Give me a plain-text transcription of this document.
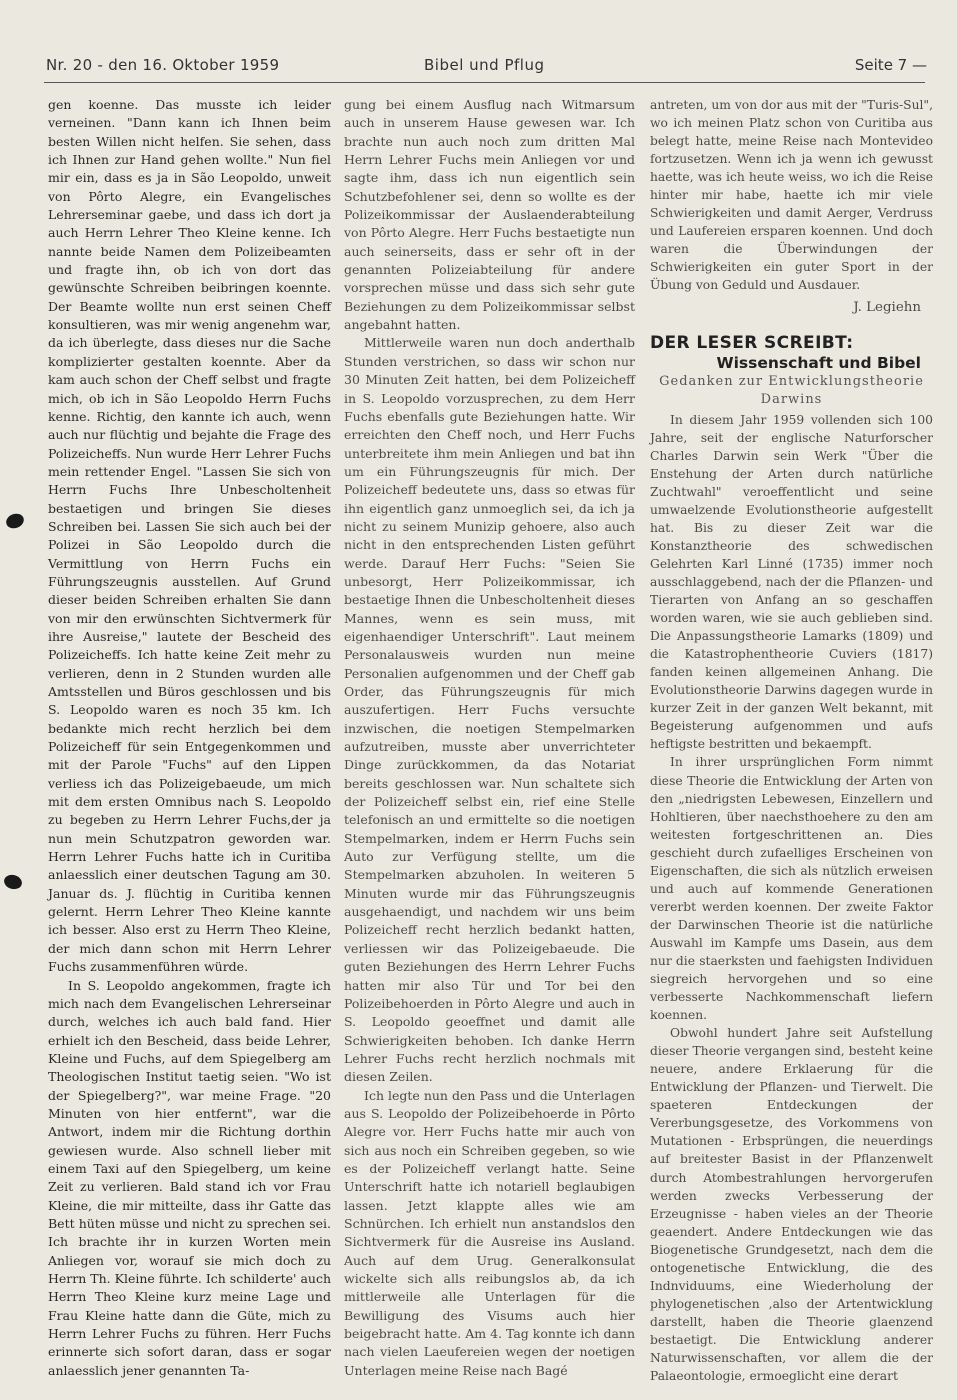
Nr. 20 - den 16. Oktober 1959	Bibel und Pflug	Seite 7 —

gen koenne. Das musste ich leider verneinen. "Dann kann ich Ihnen beim besten Willen nicht helfen. Sie sehen, dass ich Ihnen zur Hand gehen wollte." Nun fiel mir ein, dass es ja in São Leopoldo, unweit von Pôrto Alegre, ein Evangelisches Lehrerseminar gaebe, und dass ich dort ja auch Herrn Lehrer Theo Kleine kenne. Ich nannte beide Namen dem Polizeibeamten und fragte ihn, ob ich von dort das gewünschte Schreiben beibringen koennte. Der Beamte wollte nun erst seinen Cheff konsultieren, was mir wenig angenehm war, da ich überlegte, dass dieses nur die Sache komplizierter gestalten koennte. Aber da kam auch schon der Cheff selbst und fragte mich, ob ich in São Leopoldo Herrn Fuchs kenne. Richtig, den kannte ich auch, wenn auch nur flüchtig und bejahte die Frage des Polizeicheffs. Nun wurde Herr Lehrer Fuchs mein rettender Engel. "Lassen Sie sich von Herrn Fuchs Ihre Unbescholtenheit bestaetigen und bringen Sie dieses Schreiben bei. Lassen Sie sich auch bei der Polizei in São Leopoldo durch die Vermittlung von Herrn Fuchs ein Führungszeugnis ausstellen. Auf Grund dieser beiden Schreiben erhalten Sie dann von mir den erwünschten Sichtvermerk für ihre Ausreise," lautete der Bescheid des Polizeicheffs. Ich hatte keine Zeit mehr zu verlieren, denn in 2 Stunden wurden alle Amtsstellen und Büros geschlossen und bis S. Leopoldo waren es noch 35 km. Ich bedankte mich recht herzlich bei dem Polizeicheff für sein Entgegenkommen und mit der Parole "Fuchs" auf den Lippen verliess ich das Polizeigebaeude, um mich mit dem ersten Omnibus nach S. Leopoldo zu begeben zu Herrn Lehrer Fuchs,der ja nun mein Schutzpatron geworden war. Herrn Lehrer Fuchs hatte ich in Curitiba anlaesslich einer deutschen Tagung am 30. Januar ds. J. flüchtig in Curitiba kennen gelernt. Herrn Lehrer Theo Kleine kannte ich besser. Also erst zu Herrn Theo Kleine, der mich dann schon mit Herrn Lehrer Fuchs zusammenführen würde.

In S. Leopoldo angekommen, fragte ich mich nach dem Evangelischen Lehrerseinar durch, welches ich auch bald fand. Hier erhielt ich den Bescheid, dass beide Lehrer, Kleine und Fuchs, auf dem Spiegelberg am Theologischen Institut taetig seien. "Wo ist der Spiegelberg?", war meine Frage. "20 Minuten von hier entfernt", war die Antwort, indem mir die Richtung dorthin gewiesen wurde. Also schnell lieber mit einem Taxi auf den Spiegelberg, um keine Zeit zu verlieren. Bald stand ich vor Frau Kleine, die mir mitteilte, dass ihr Gatte das Bett hüten müsse und nicht zu sprechen sei. Ich brachte ihr in kurzen Worten mein Anliegen vor, worauf sie mich doch zu Herrn Th. Kleine führte. Ich schilderte' auch Herrn Theo Kleine kurz meine Lage und Frau Kleine hatte dann die Güte, mich zu Herrn Lehrer Fuchs zu führen. Herr Fuchs erinnerte sich sofort daran, dass er sogar anlaesslich jener genannten Ta-

gung bei einem Ausflug nach Witmarsum auch in unserem Hause gewesen war. Ich brachte nun auch noch zum dritten Mal Herrn Lehrer Fuchs mein Anliegen vor und sagte ihm, dass ich nun eigentlich sein Schutzbefohlener sei, denn so wollte es der Polizeikommissar der Auslaenderabteilung von Pôrto Alegre. Herr Fuchs bestaetigte nun auch seinerseits, dass er sehr oft in der genannten Polizeiabteilung für andere vorsprechen müsse und dass sich sehr gute Beziehungen zu dem Polizeikommissar selbst angebahnt hatten.

Mittlerweile waren nun doch anderthalb Stunden verstrichen, so dass wir schon nur 30 Minuten Zeit hatten, bei dem Polizeicheff in S. Leopoldo vorzusprechen, zu dem Herr Fuchs ebenfalls gute Beziehungen hatte. Wir erreichten den Cheff noch, und Herr Fuchs unterbreitete ihm mein Anliegen und bat ihn um ein Führungszeugnis für mich. Der Polizeicheff bedeutete uns, dass so etwas für ihn eigentlich ganz unmoeglich sei, da ich ja nicht zu seinem Munizip gehoere, also auch nicht in den entsprechenden Listen geführt werde. Darauf Herr Fuchs: "Seien Sie unbesorgt, Herr Polizeikommissar, ich bestaetige Ihnen die Unbescholtenheit dieses Mannes, wenn es sein muss, mit eigenhaendiger Unterschrift". Laut meinem Personalausweis wurden nun meine Personalien aufgenommen und der Cheff gab Order, das Führungszeugnis für mich auszufertigen. Herr Fuchs versuchte inzwischen, die noetigen Stempelmarken aufzutreiben, musste aber unverrichteter Dinge zurückkommen, da das Notariat bereits geschlossen war. Nun schaltete sich der Polizeicheff selbst ein, rief eine Stelle telefonisch an und ermittelte so die noetigen Stempelmarken, indem er Herrn Fuchs sein Auto zur Verfügung stellte, um die Stempelmarken abzuholen. In weiteren 5 Minuten wurde mir das Führungszeugnis ausgehaendigt, und nachdem wir uns beim Polizeicheff recht herzlich bedankt hatten, verliessen wir das Polizeigebaeude. Die guten Beziehungen des Herrn Lehrer Fuchs hatten mir also Tür und Tor bei den Polizeibehoerden in Pôrto Alegre und auch in S. Leopoldo geoeffnet und damit alle Schwierigkeiten behoben. Ich danke Herrn Lehrer Fuchs recht herzlich nochmals mit diesen Zeilen.

Ich legte nun den Pass und die Unterlagen aus S. Leopoldo der Polizeibehoerde in Pôrto Alegre vor. Herr Fuchs hatte mir auch von sich aus noch ein Schreiben gegeben, so wie es der Polizeicheff verlangt hatte. Seine Unterschrift hatte ich notariell beglaubigen lassen. Jetzt klappte alles wie am Schnürchen. Ich erhielt nun anstandslos den Sichtvermerk für die Ausreise ins Ausland. Auch auf dem Urug. Generalkonsulat wickelte sich alls reibungslos ab, da ich mittlerweile alle Unterlagen für die Bewilligung des Visums auch hier beigebracht hatte. Am 4. Tag konnte ich dann nach vielen Laeufereien wegen der noetigen Unterlagen meine Reise nach Bagé

antreten, um von dor aus mit der "Turis-Sul", wo ich meinen Platz schon von Curitiba aus belegt hatte, meine Reise nach Montevideo fortzusetzen. Wenn ich ja wenn ich gewusst haette, was ich heute weiss, wo ich die Reise hinter mir habe, haette ich mir viele Schwierigkeiten und damit Aerger, Verdruss und Laufereien ersparen koennen. Und doch waren die Überwindungen der Schwierigkeiten ein guter Sport in der Übung von Geduld und Ausdauer.

J. Legiehn
DER LESER SCREIBT:
Wissenschaft und Bibel
Gedanken zur Entwicklungstheorie Darwins

In diesem Jahr 1959 vollenden sich 100 Jahre, seit der englische Naturforscher Charles Darwin sein Werk "Über die Enstehung der Arten durch natürliche Zuchtwahl" veroeffentlicht und seine umwaelzende Evolutionstheorie aufgestellt hat. Bis zu dieser Zeit war die Konstanztheorie des schwedischen Gelehrten Karl Linné (1735) immer noch ausschlaggebend, nach der die Pflanzen- und Tierarten von Anfang an so geschaffen worden waren, wie sie auch geblieben sind. Die Anpassungstheorie Lamarks (1809) und die Katastrophentheorie Cuviers (1817) fanden keinen allgemeinen Anhang. Die Evolutionstheorie Darwins dagegen wurde in kurzer Zeit in der ganzen Welt bekannt, mit Begeisterung aufgenommen und aufs heftigste bestritten und bekaempft.

In ihrer ursprünglichen Form nimmt diese Theorie die Entwicklung der Arten von den „niedrigsten Lebewesen, Einzellern und Hohltieren, über naechsthoehere zu den am weitesten fortgeschrittenen an. Dies geschieht durch zufaelliges Erscheinen von Eigenschaften, die sich als nützlich erweisen und auch auf kommende Generationen vererbt werden koennen. Der zweite Faktor der Darwinschen Theorie ist die natürliche Auswahl im Kampfe ums Dasein, aus dem nur die staerksten und faehigsten Individuen siegreich hervorgehen und so eine verbesserte Nachkommenschaft liefern koennen.

Obwohl hundert Jahre seit Aufstellung dieser Theorie vergangen sind, besteht keine neuere, andere Erklaerung für die Entwicklung der Pflanzen- und Tierwelt. Die spaeteren Entdeckungen der Vererbungsgesetze, des Vorkommens von Mutationen - Erbsprüngen, die neuerdings auf breitester Basist in der Pflanzenwelt durch Atombestrahlungen hervorgerufen werden zwecks Verbesserung der Erzeugnisse - haben vieles an der Theorie geaendert. Andere Entdeckungen wie das Biogenetische Grundgesetzt, nach dem die ontogenetische Entwicklung, die des Indnviduums, eine Wiederholung der phylogenetischen ,also der Artentwicklung darstellt, haben die Theorie glaenzend bestaetigt. Die Entwicklung anderer Naturwissenschaften, vor allem die der Palaeontologie, ermoeglicht eine derart
